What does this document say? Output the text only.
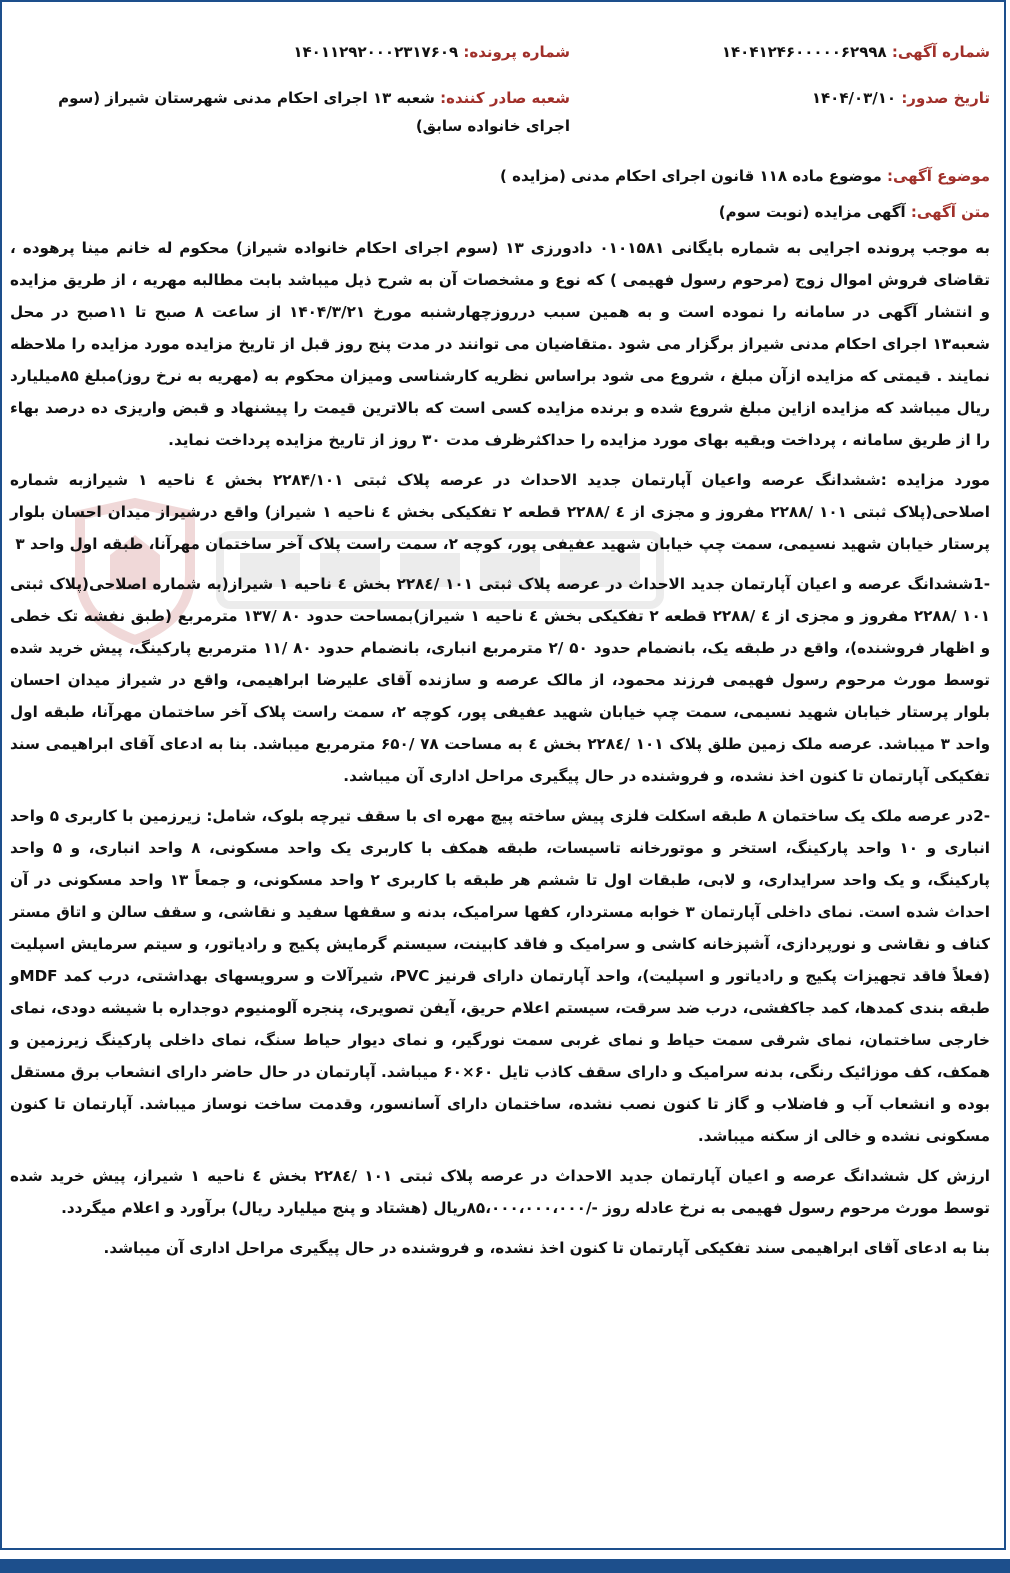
شماره آگهی: ۱۴۰۴۱۲۴۶۰۰۰۰۰۶۲۹۹۸
شماره پرونده: ۱۴۰۱۱۲۹۲۰۰۰۲۳۱۷۶۰۹
تاریخ صدور: ۱۴۰۴/۰۳/۱۰
شعبه صادر کننده: شعبه ۱۳ اجرای احکام مدنی شهرستان شیراز (سوم اجرای خانواده سابق)
موضوع آگهی: موضوع ماده ۱۱۸ قانون اجرای احکام مدنی (مزایده )
متن آگهی: آگهی مزایده (نوبت سوم)

به موجب پرونده اجرایی به شماره بایگانی ۰۱۰۱۵۸۱ دادورزی ۱۳ (سوم اجرای احکام خانواده شیراز) محکوم له خانم مینا پرهوده ، تقاضای فروش اموال زوج (مرحوم رسول فهیمی ) که نوع و مشخصات آن به شرح ذیل میباشد بابت مطالبه مهریه ، از طریق مزایده و انتشار آگهی در سامانه را نموده است و به همین سبب درروزچهارشنبه مورخ ۱۴۰۴/۳/۲۱ از ساعت ۸ صبح تا ۱۱صبح در محل شعبه۱۳ اجرای احکام مدنی شیراز برگزار می شود .متقاضیان می توانند در مدت پنج روز قبل از تاریخ مزایده مورد مزایده را ملاحظه نمایند . قیمتی که مزایده ازآن مبلغ ، شروع می شود براساس نظریه کارشناسی ومیزان محکوم به (مهریه به نرخ روز)مبلغ ۸۵میلیارد ریال میباشد که مزایده ازاین مبلغ شروع شده و برنده مزایده کسی است که بالاترین قیمت را پیشنهاد و قبض واریزی ده درصد بهاء را از طریق سامانه ، پرداخت وبقیه بهای مورد مزایده را حداکثرظرف مدت ۳۰ روز از تاریخ مزایده پرداخت نماید.

مورد مزایده :ششدانگ عرصه واعیان آپارتمان جدید الاحداث در عرصه پلاک ثبتی ۲۲۸۴/۱۰۱ بخش ٤ ناحیه ۱ شیرازبه شماره اصلاحی(پلاک ثبتی ۱۰۱ /۲۲۸۸ مفروز و مجزی از ٤ /۲۲۸۸ قطعه ۲ تفکیکی بخش ٤ ناحیه ۱ شیراز) واقع درشیراز میدان احسان بلوار پرستار خیابان شهید نسیمی، سمت چپ خیابان شهید عفیفی پور، کوچه ۲، سمت راست پلاک آخر ساختمان مهرآنا، طبقه اول واحد ۳

-1ششدانگ عرصه و اعیان آپارتمان جدید الاحداث در عرصه پلاک ثبتی ۱۰۱ /۲۲۸٤ بخش ٤ ناحیه ۱ شیراز(به شماره اصلاحی(پلاک ثبتی ۱۰۱ /۲۲۸۸ مفروز و مجزی از ٤ /۲۲۸۸ قطعه ۲ تفکیکی بخش ٤ ناحیه ۱ شیراز)بمساحت حدود ۸۰ /۱۳۷ مترمربع (طبق نفشه تک خطی و اظهار فروشنده)، واقع در طبقه یک، بانضمام حدود ۵۰ /۲ مترمربع انباری، بانضمام حدود ۸۰ /۱۱ مترمربع پارکینگ، پیش خرید شده توسط مورث مرحوم رسول فهیمی فرزند محمود، از مالک عرصه و سازنده آقای علیرضا ابراهیمی، واقع در شیراز میدان احسان بلوار پرستار خیابان شهید نسیمی، سمت چپ خیابان شهید عفیفی پور، کوچه ۲، سمت راست پلاک آخر ساختمان مهرآنا، طبقه اول واحد ۳ میباشد. عرصه ملک زمین طلق پلاک ۱۰۱ /۲۲۸٤ بخش ٤ به مساحت ۷۸ /۶۵۰ مترمربع میباشد. بنا به ادعای آقای ابراهیمی سند تفکیکی آپارتمان تا کنون اخذ نشده، و فروشنده در حال پیگیری مراحل اداری آن میباشد.

-2در عرصه ملک یک ساختمان ۸ طبقه اسکلت فلزی پیش ساخته پیچ مهره ای با سقف تیرچه بلوک، شامل: زیرزمین با کاربری ۵ واحد انباری و ۱۰ واحد پارکینگ، استخر و موتورخانه تاسیسات، طبقه همکف با کاربری یک واحد مسکونی، ۸ واحد انباری، و ۵ واحد پارکینگ، و یک واحد سرایداری، و لابی، طبقات اول تا ششم هر طبقه با کاربری ۲ واحد مسکونی، و جمعاً ۱۳ واحد مسکونی در آن احداث شده است. نمای داخلی آپارتمان ۳ خوابه مستردار، کفها سرامیک، بدنه و سقفها سفید و نقاشی، و سقف سالن و اتاق مستر کناف و نقاشی و نورپردازی، آشپزخانه کاشی و سرامیک و فاقد کابینت، سیستم گرمایش پکیج و رادیاتور، و سیتم سرمایش اسپلیت (فعلاً فاقد تجهیزات پکیج و رادیاتور و اسپلیت)، واحد آپارتمان دارای قرنیز PVC، شیرآلات و سرویسهای بهداشتی، درب کمد MDFو طبقه بندی کمدها، کمد جاکفشی، درب ضد سرقت، سیستم اعلام حریق، آیفن تصویری، پنجره آلومنیوم دوجداره با شیشه دودی، نمای خارجی ساختمان، نمای شرقی سمت حیاط و نمای غربی سمت نورگیر، و نمای دیوار حیاط سنگ، نمای داخلی پارکینگ زیرزمین و همکف، کف موزائیک رنگی، بدنه سرامیک و دارای سقف کاذب تایل ۶۰×۶۰ میباشد. آپارتمان در حال حاضر دارای انشعاب برق مستقل بوده و انشعاب آب و فاضلاب و گاز تا کنون نصب نشده، ساختمان دارای آسانسور، وقدمت ساخت نوساز میباشد. آپارتمان تا کنون مسکونی نشده و خالی از سکنه میباشد.

ارزش کل ششدانگ عرصه و اعیان آپارتمان جدید الاحداث در عرصه پلاک ثبتی ۱۰۱ /۲۲۸٤ بخش ٤ ناحیه ۱ شیراز، پیش خرید شده توسط مورث مرحوم رسول فهیمی به نرخ عادله روز -/۸۵،۰۰۰،۰۰۰،۰۰۰ریال (هشتاد و پنج میلیارد ریال) برآورد و اعلام میگردد.

بنا به ادعای آقای ابراهیمی سند تفکیکی آپارتمان تا کنون اخذ نشده، و فروشنده در حال پیگیری مراحل اداری آن میباشد.
